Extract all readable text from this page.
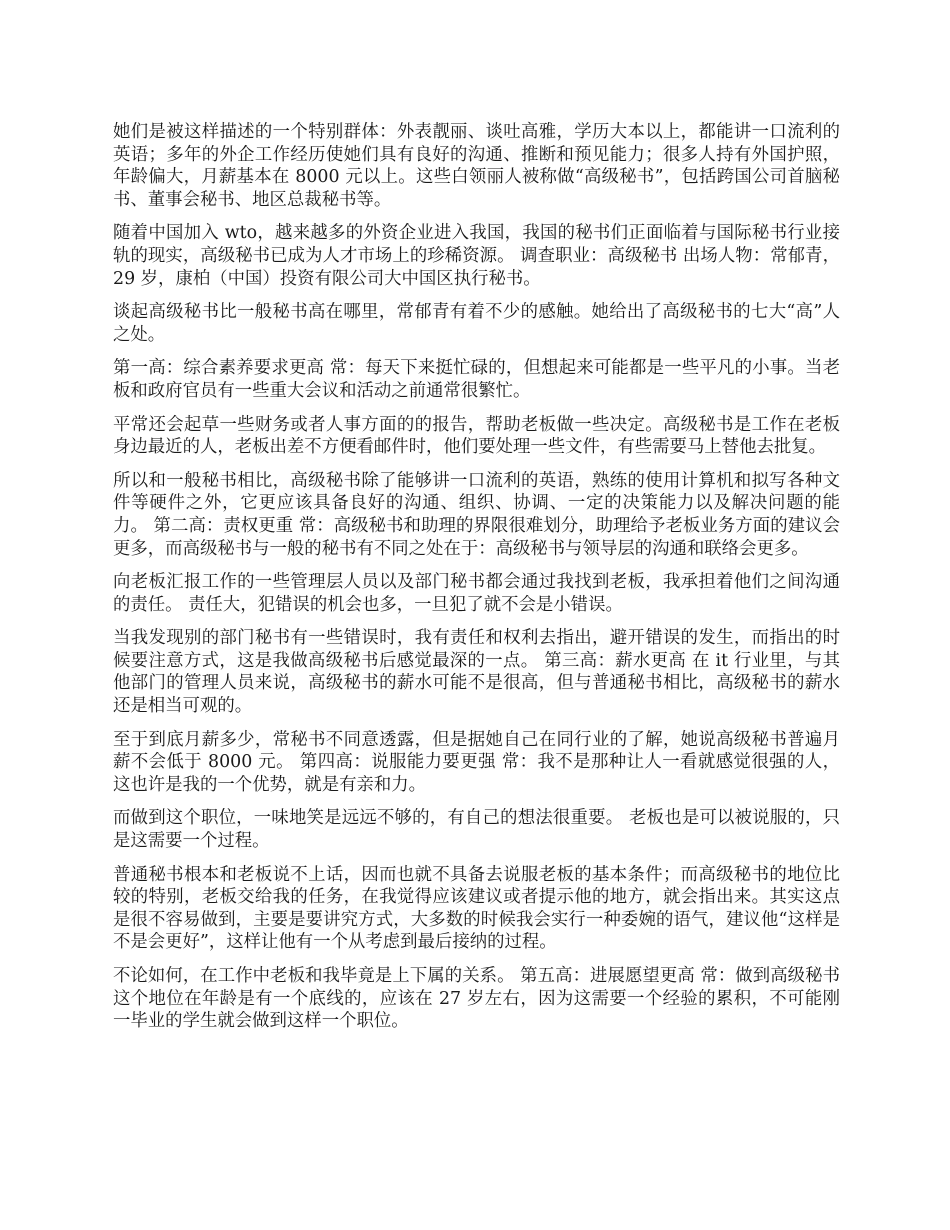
她们是被这样描述的一个特别群体：外表靓丽、谈吐高雅，学历大本以上，都能讲一口流利的英语；多年的外企工作经历使她们具有良好的沟通、推断和预见能力；很多人持有外国护照，年龄偏大，月薪基本在 8000 元以上。这些白领丽人被称做“高级秘书”，包括跨国公司首脑秘书、董事会秘书、地区总裁秘书等。

随着中国加入 wto，越来越多的外资企业进入我国，我国的秘书们正面临着与国际秘书行业接轨的现实，高级秘书已成为人才市场上的珍稀资源。 调查职业：高级秘书 出场人物：常郁青，29 岁，康柏（中国）投资有限公司大中国区执行秘书。

谈起高级秘书比一般秘书高在哪里，常郁青有着不少的感触。她给出了高级秘书的七大“高”人之处。

第一高：综合素养要求更高 常：每天下来挺忙碌的，但想起来可能都是一些平凡的小事。当老板和政府官员有一些重大会议和活动之前通常很繁忙。

平常还会起草一些财务或者人事方面的的报告，帮助老板做一些决定。高级秘书是工作在老板身边最近的人，老板出差不方便看邮件时，他们要处理一些文件，有些需要马上替他去批复。

所以和一般秘书相比，高级秘书除了能够讲一口流利的英语，熟练的使用计算机和拟写各种文件等硬件之外，它更应该具备良好的沟通、组织、协调、一定的决策能力以及解决问题的能力。 第二高：责权更重 常：高级秘书和助理的界限很难划分，助理给予老板业务方面的建议会更多，而高级秘书与一般的秘书有不同之处在于：高级秘书与领导层的沟通和联络会更多。

向老板汇报工作的一些管理层人员以及部门秘书都会通过我找到老板，我承担着他们之间沟通的责任。 责任大，犯错误的机会也多，一旦犯了就不会是小错误。

当我发现别的部门秘书有一些错误时，我有责任和权利去指出，避开错误的发生，而指出的时候要注意方式，这是我做高级秘书后感觉最深的一点。 第三高：薪水更高 在 it 行业里，与其他部门的管理人员来说，高级秘书的薪水可能不是很高，但与普通秘书相比，高级秘书的薪水还是相当可观的。

至于到底月薪多少，常秘书不同意透露，但是据她自己在同行业的了解，她说高级秘书普遍月薪不会低于 8000 元。 第四高：说服能力要更强 常：我不是那种让人一看就感觉很强的人，这也许是我的一个优势，就是有亲和力。

而做到这个职位，一味地笑是远远不够的，有自己的想法很重要。 老板也是可以被说服的，只是这需要一个过程。

普通秘书根本和老板说不上话，因而也就不具备去说服老板的基本条件；而高级秘书的地位比较的特别，老板交给我的任务，在我觉得应该建议或者提示他的地方，就会指出来。其实这点是很不容易做到，主要是要讲究方式，大多数的时候我会实行一种委婉的语气，建议他“这样是不是会更好”，这样让他有一个从考虑到最后接纳的过程。

不论如何，在工作中老板和我毕竟是上下属的关系。 第五高：进展愿望更高 常：做到高级秘书这个地位在年龄是有一个底线的，应该在 27 岁左右，因为这需要一个经验的累积，不可能刚一毕业的学生就会做到这样一个职位。
